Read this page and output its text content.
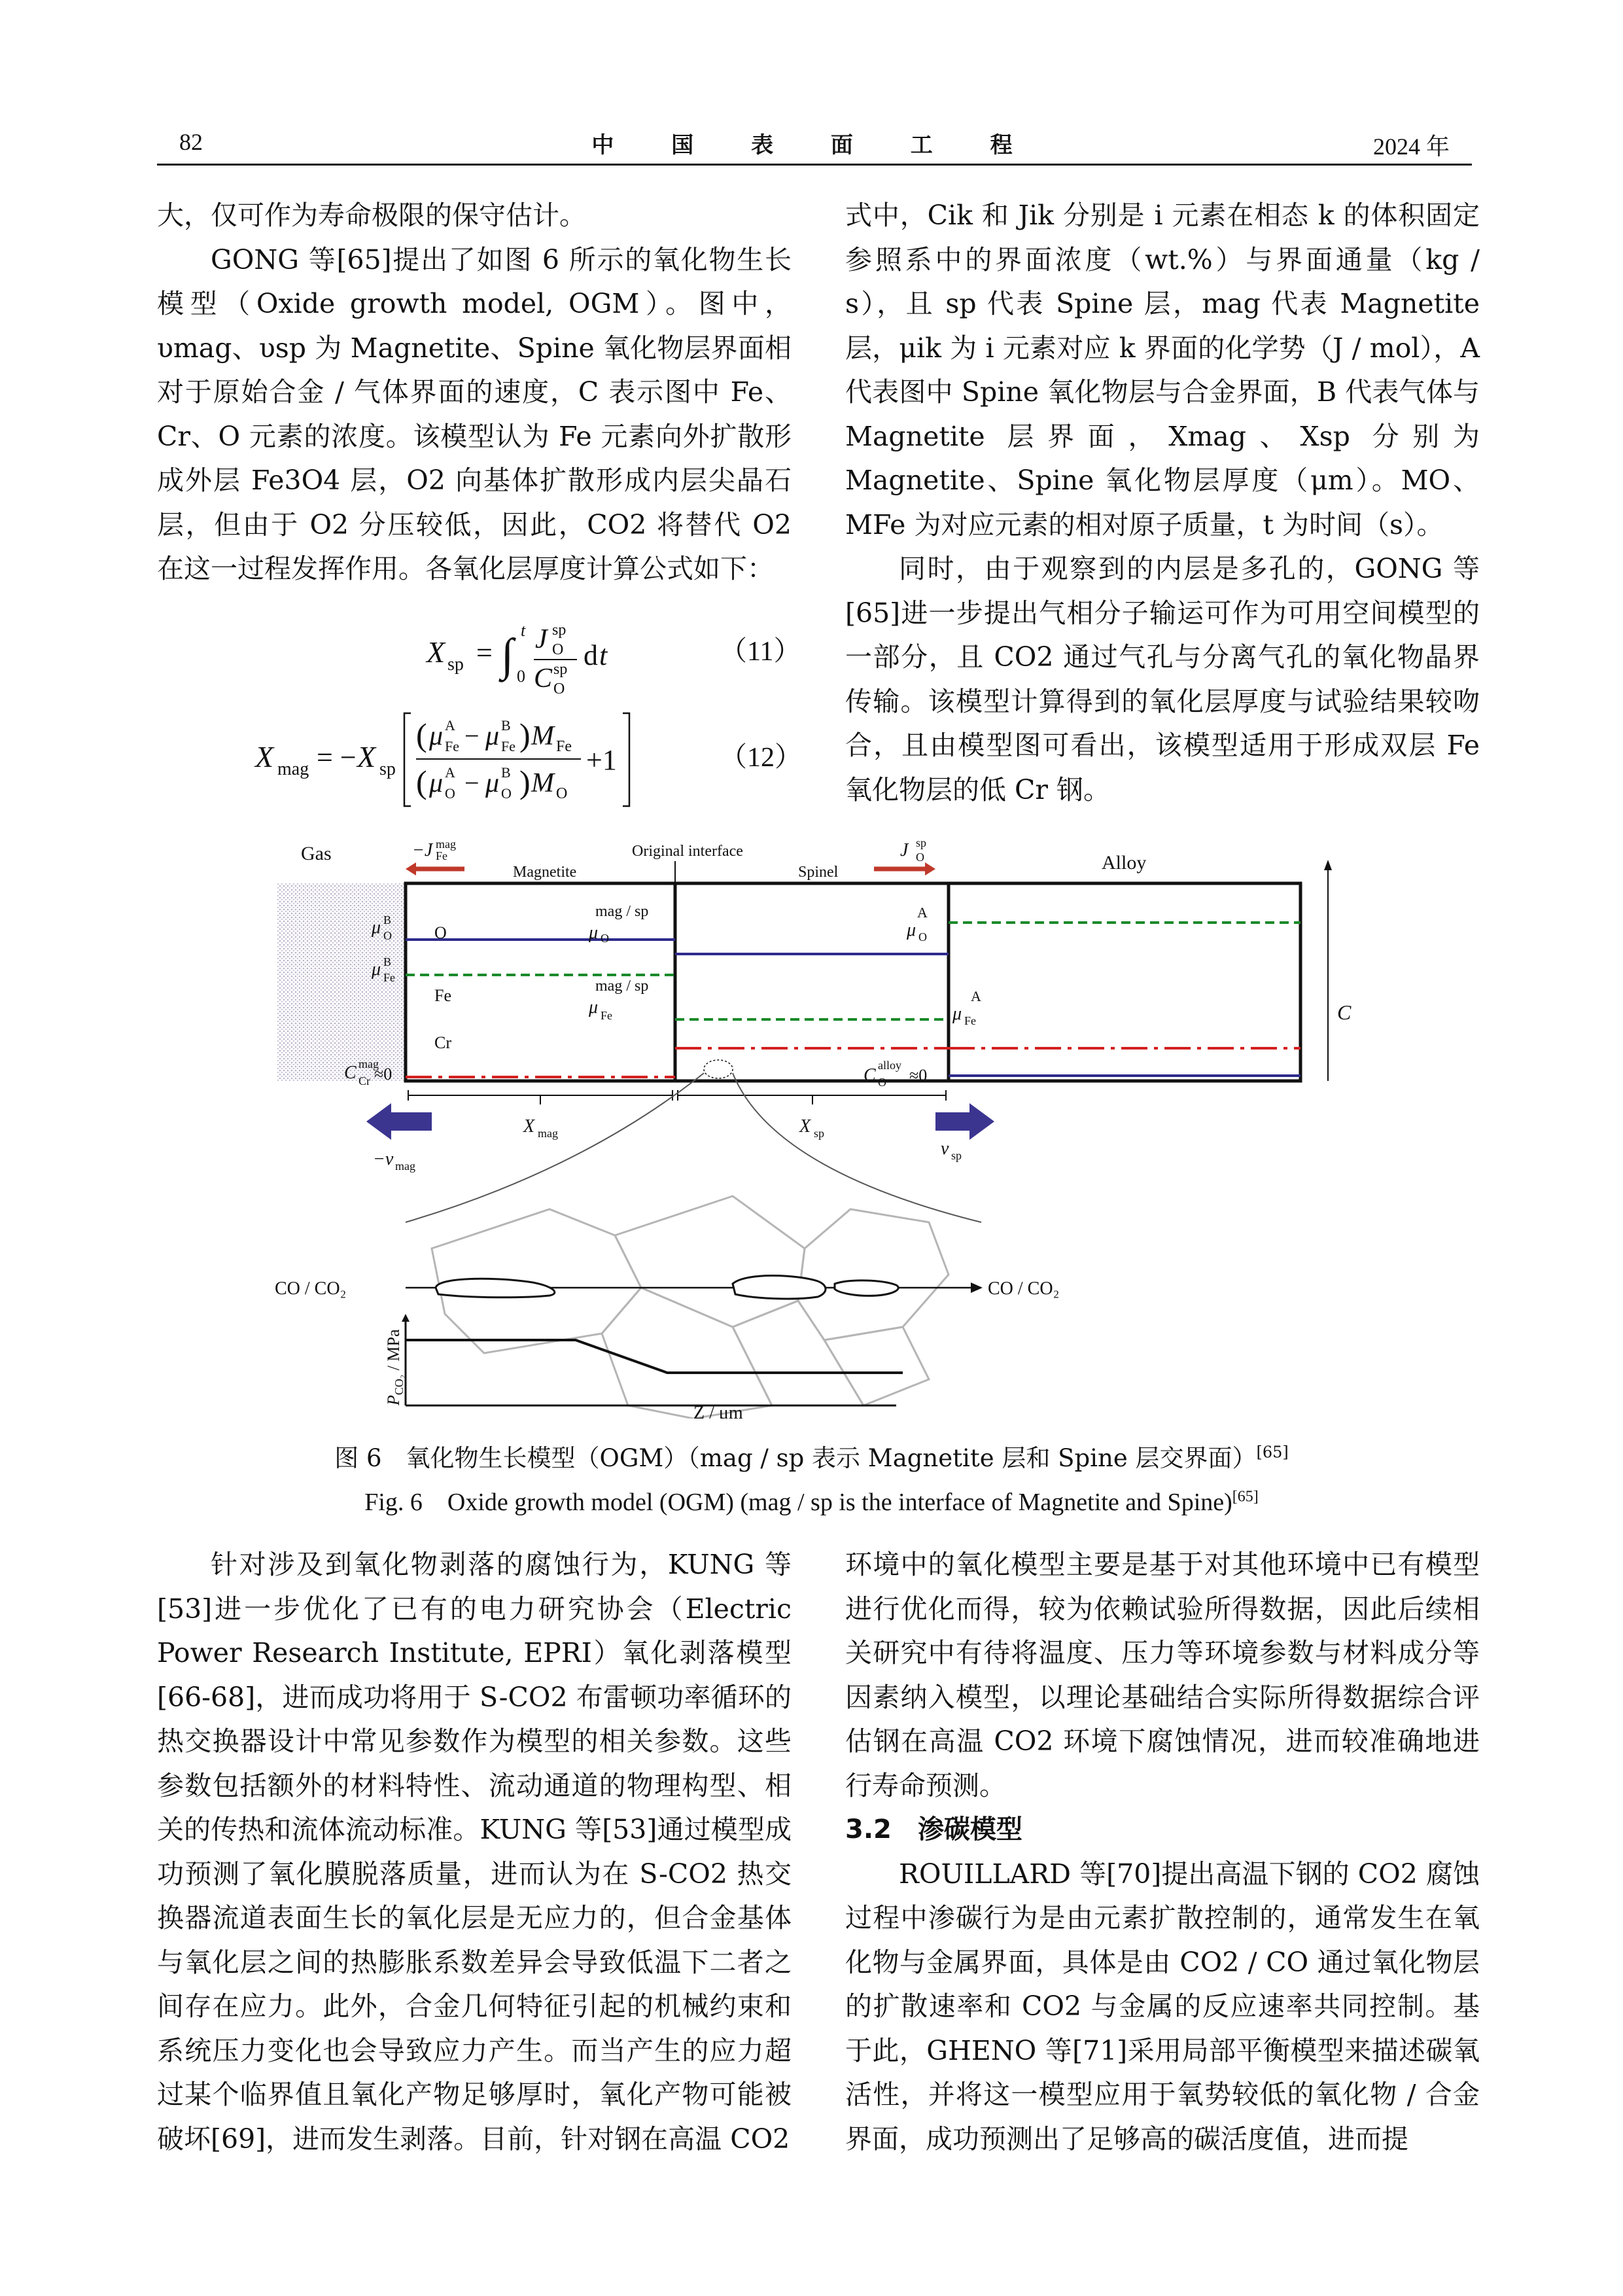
82	中 国 表 面 工 程	2024 年

大，仅可作为寿命极限的保守估计。

GONG 等[65]提出了如图 6 所示的氧化物生长模型（Oxide growth model, OGM）。图中，υmag、υsp 为 Magnetite、Spine 氧化物层界面相对于原始合金 / 气体界面的速度，C 表示图中 Fe、Cr、O 元素的浓度。该模型认为 Fe 元素向外扩散形成外层 Fe3O4 层，O2 向基体扩散形成内层尖晶石层，但由于 O2 分压较低，因此，CO2 将替代 O2 在这一过程发挥作用。各氧化层厚度计算公式如下：

X sp = ∫ t
0
J O
sp
C O
sp d t	（11）
X mag = − X sp
( μ Fe
A − μ Fe
B ) M Fe
( μ O
A − μ O
B ) M O
+1	（12）

式中，Cik 和 Jik 分别是 i 元素在相态 k 的体积固定参照系中的界面浓度（wt.%）与界面通量（kg / s），且 sp 代表 Spine 层，mag 代表 Magnetite 层，μik 为 i 元素对应 k 界面的化学势（J / mol），A 代表图中 Spine 氧化物层与合金界面，B 代表气体与 Magnetite 层界面，Xmag、Xsp 分别为 Magnetite、Spine 氧化物层厚度（μm）。MO、MFe 为对应元素的相对原子质量，t 为时间（s）。

同时，由于观察到的内层是多孔的，GONG 等[65]进一步提出气相分子输运可作为可用空间模型的一部分，且 CO2 通过气孔与分离气孔的氧化物晶界传输。该模型计算得到的氧化层厚度与试验结果较吻合，且由模型图可看出，该模型适用于形成双层 Fe 氧化物层的低 Cr 钢。

Gas	−J Fe
mag
Magnetite
Original interface
Spinel
J O
sp
Alloy
C
μ O
B
μ Fe
B
C Cr
mag
≈0
O
Fe
Cr
mag / sp
μ O
mag / sp
μ Fe
A
μ O
A
μ Fe
C O
alloy
≈0
X mag	X sp
−v mag
v sp
CO / CO₂	CO / CO₂
$P_{CO_2}$ / MPa
Z / μm
图 6　氧化物生长模型（OGM）（mag / sp 表示 Magnetite 层和 Spine 层交界面）[65]
Fig. 6　Oxide growth model (OGM) (mag / sp is the interface of Magnetite and Spine)[65]

针对涉及到氧化物剥落的腐蚀行为，KUNG 等[53]进一步优化了已有的电力研究协会（Electric Power Research Institute, EPRI）氧化剥落模型[66-68]，进而成功将用于 S-CO2 布雷顿功率循环的热交换器设计中常见参数作为模型的相关参数。这些参数包括额外的材料特性、流动通道的物理构型、相关的传热和流体流动标准。KUNG 等[53]通过模型成功预测了氧化膜脱落质量，进而认为在 S-CO2 热交换器流道表面生长的氧化层是无应力的，但合金基体与氧化层之间的热膨胀系数差异会导致低温下二者之间存在应力。此外，合金几何特征引起的机械约束和系统压力变化也会导致应力产生。而当产生的应力超过某个临界值且氧化产物足够厚时，氧化产物可能被破坏[69]，进而发生剥落。目前，针对钢在高温 CO2

环境中的氧化模型主要是基于对其他环境中已有模型进行优化而得，较为依赖试验所得数据，因此后续相关研究中有待将温度、压力等环境参数与材料成分等因素纳入模型，以理论基础结合实际所得数据综合评估钢在高温 CO2 环境下腐蚀情况，进而较准确地进行寿命预测。

3.2　渗碳模型

ROUILLARD 等[70]提出高温下钢的 CO2 腐蚀过程中渗碳行为是由元素扩散控制的，通常发生在氧化物与金属界面，具体是由 CO2 / CO 通过氧化物层的扩散速率和 CO2 与金属的反应速率共同控制。基于此，GHENO 等[71]采用局部平衡模型来描述碳氧活性，并将这一模型应用于氧势较低的氧化物 / 合金界面，成功预测出了足够高的碳活度值，进而提
